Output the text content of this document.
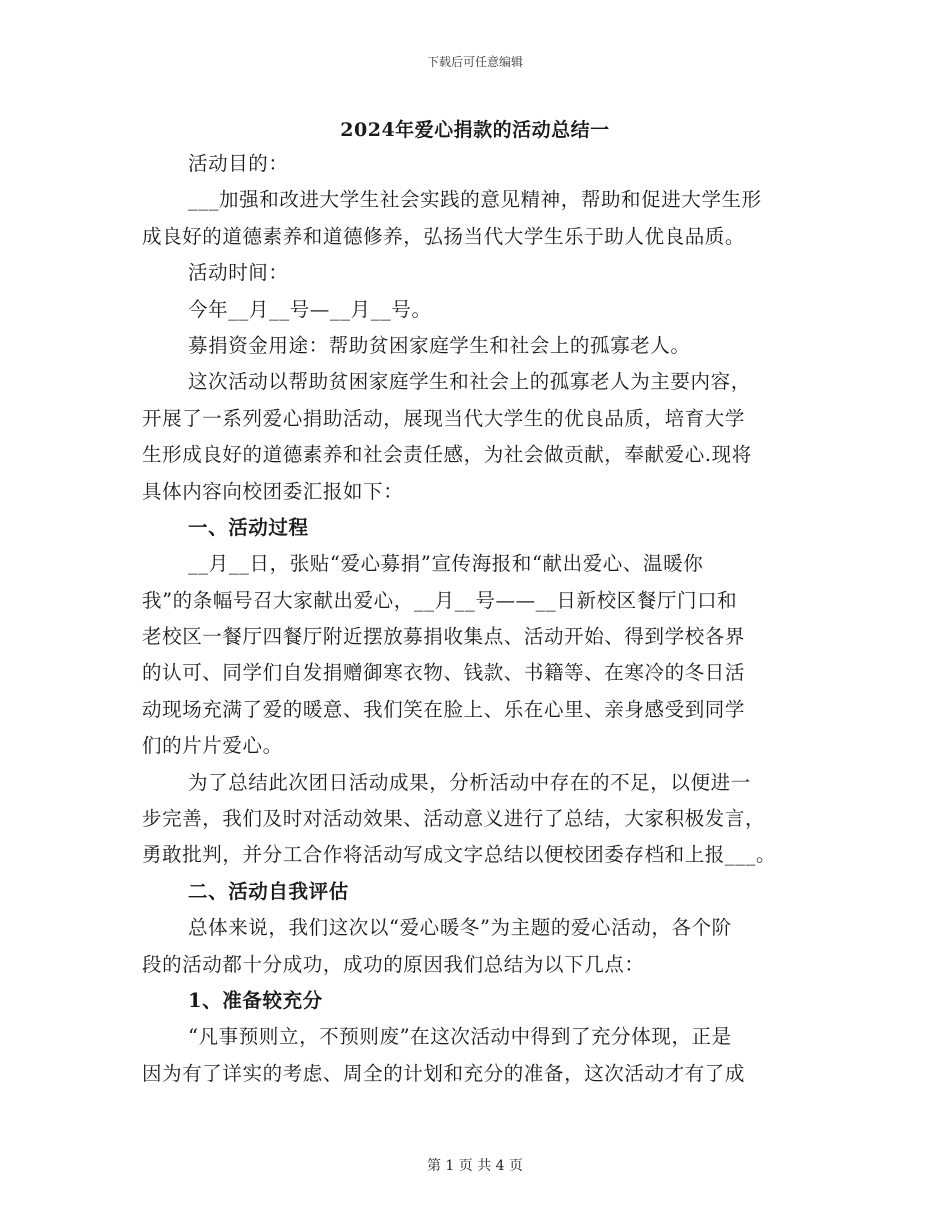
下载后可任意编辑
2024年爱心捐款的活动总结一
活动目的：
___加强和改进大学生社会实践的意见精神，帮助和促进大学生形
成良好的道德素养和道德修养，弘扬当代大学生乐于助人优良品质。
活动时间：
今年__月__号—__月__号。
募捐资金用途：帮助贫困家庭学生和社会上的孤寡老人。
这次活动以帮助贫困家庭学生和社会上的孤寡老人为主要内容，
开展了一系列爱心捐助活动，展现当代大学生的优良品质，培育大学
生形成良好的道德素养和社会责任感，为社会做贡献，奉献爱心.现将
具体内容向校团委汇报如下：
一、活动过程
__月__日，张贴“爱心募捐”宣传海报和“献出爱心、温暖你
我”的条幅号召大家献出爱心，__月__号——__日新校区餐厅门口和
老校区一餐厅四餐厅附近摆放募捐收集点、活动开始、得到学校各界
的认可、同学们自发捐赠御寒衣物、钱款、书籍等、在寒冷的冬日活
动现场充满了爱的暖意、我们笑在脸上、乐在心里、亲身感受到同学
们的片片爱心。
为了总结此次团日活动成果，分析活动中存在的不足，以便进一
步完善，我们及时对活动效果、活动意义进行了总结，大家积极发言，
勇敢批判，并分工合作将活动写成文字总结以便校团委存档和上报___。
二、活动自我评估
总体来说，我们这次以“爱心暖冬”为主题的爱心活动，各个阶
段的活动都十分成功，成功的原因我们总结为以下几点：
1、准备较充分
“凡事预则立，不预则废”在这次活动中得到了充分体现，正是
因为有了详实的考虑、周全的计划和充分的准备，这次活动才有了成
第 1 页 共 4 页
